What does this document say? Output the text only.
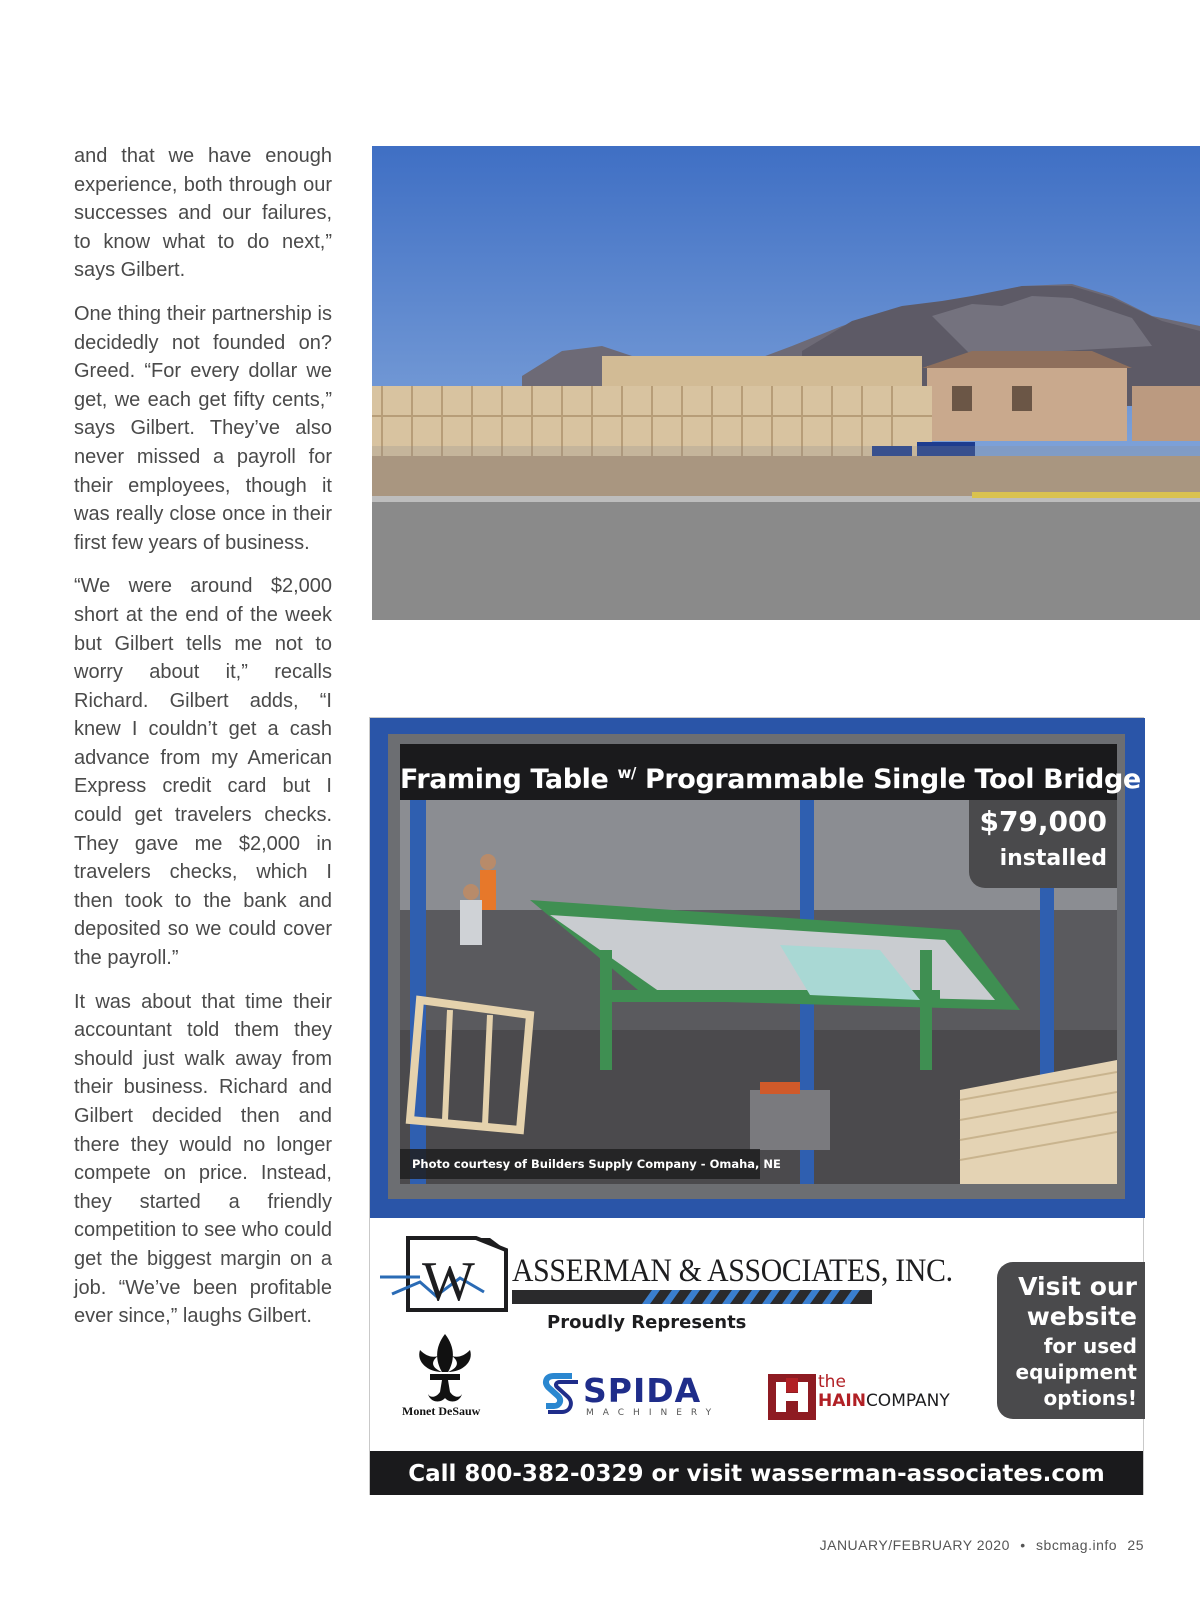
and that we have enough experience, both through our successes and our failures, to know what to do next,” says Gilbert.

One thing their partnership is decidedly not founded on? Greed. “For every dollar we get, we each get fifty cents,” says Gilbert. They’ve also never missed a payroll for their employees, though it was really close once in their first few years of business.

“We were around $2,000 short at the end of the week but Gilbert tells me not to worry about it,” recalls Richard. Gilbert adds, “I knew I couldn’t get a cash advance from my American Express credit card but I could get travelers checks. They gave me $2,000 in travelers checks, which I then took to the bank and deposited so we could cover the payroll.”

It was about that time their accountant told them they should just walk away from their business. Richard and Gilbert decided then and there they would no longer compete on price. Instead, they started a friendly competition to see who could get the biggest margin on a job. “We’ve been profitable ever since,” laughs Gilbert.

Framing Table $^{w/}$ Programmable Single Tool Bridge
$79,000
installed
Photo courtesy of Builders Supply Company - Omaha, NE
W ASSERMAN & ASSOCIATES, INC.
Proudly Represents
Monet DeSauw
SPIDA
MACHINERY
the
HAINCOMPANY
Visit our
website
for used
equipment
options!
Call 800-382-0329 or visit wasserman-associates.com
JANUARY/FEBRUARY 2020 • sbcmag.info 25
